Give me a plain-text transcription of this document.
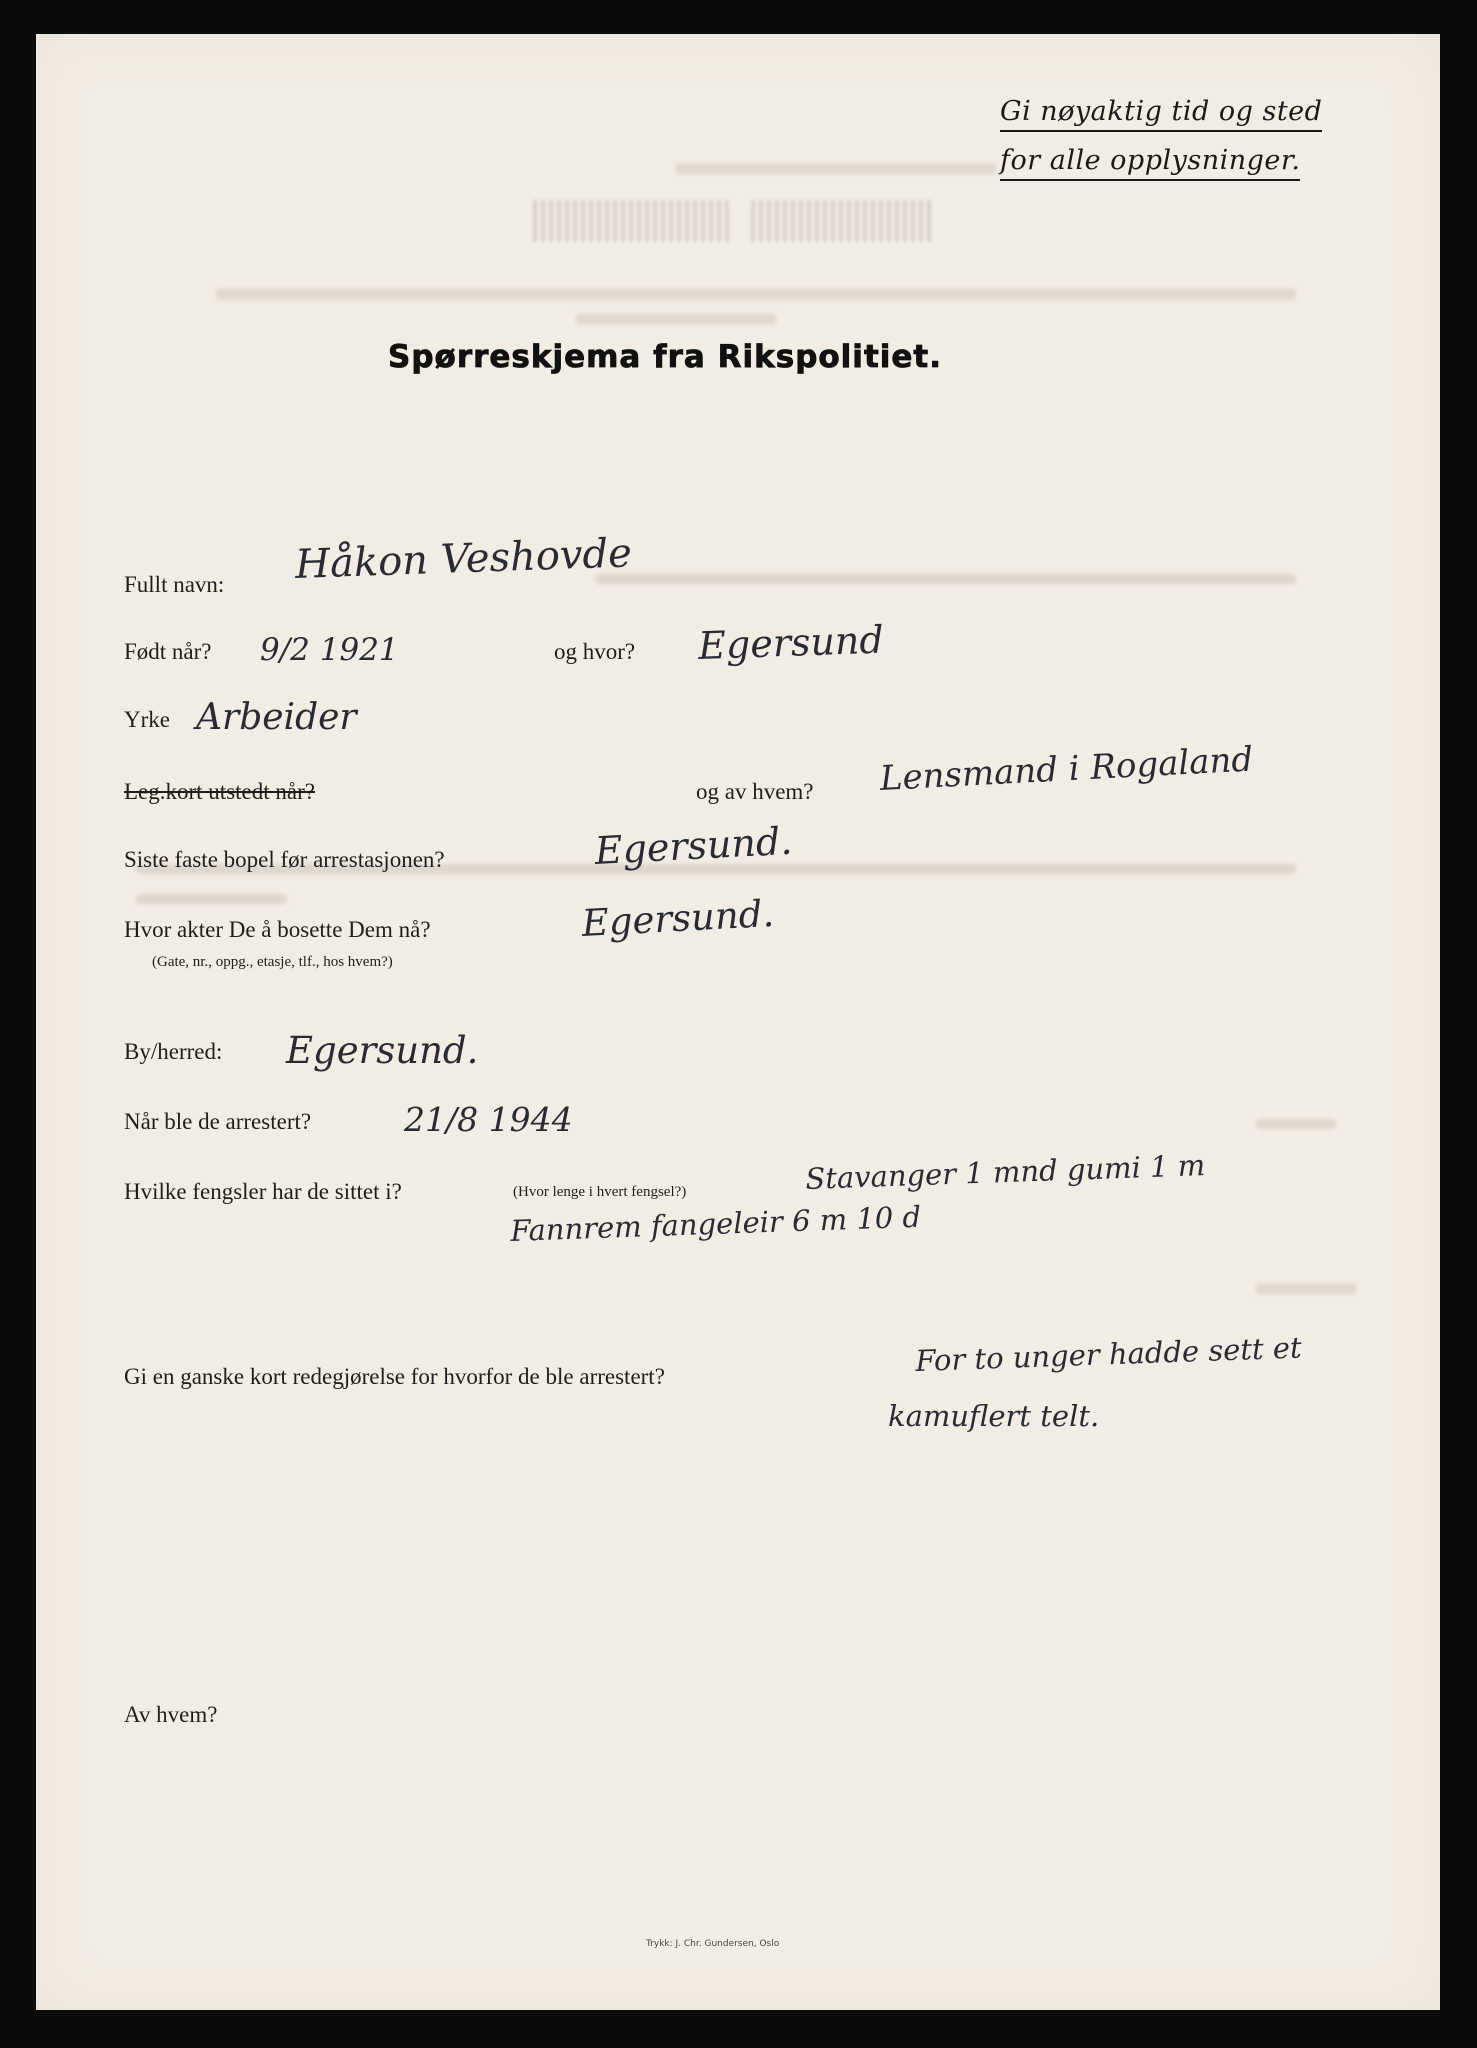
Gi nøyaktig tid og sted
for alle opplysninger.
Spørreskjema fra Rikspolitiet.
Fullt navn: Håkon Veshovde
Født når? 9/2 1921	og hvor? Egersund
Yrke Arbeider
Leg.kort utstedt når?	og av hvem? Lensmand i Rogaland
Siste faste bopel før arrestasjonen?	Egersund.
Hvor akter De å bosette Dem nå?
(Gate, nr., oppg., etasje, tlf., hos hvem?)
Egersund.
By/herred: Egersund.
Når ble de arrestert?	21/8 1944
Hvilke fengsler har de sittet i?	(Hvor lenge i hvert fengsel?)	Stavanger 1 mnd gumi 1 m
Fannrem fangeleir 6 m 10 d
Gi en ganske kort redegjørelse for hvorfor de ble arrestert?	For to unger hadde sett et
kamuflert telt.
Av hvem?
Trykk: J. Chr. Gundersen, Oslo
